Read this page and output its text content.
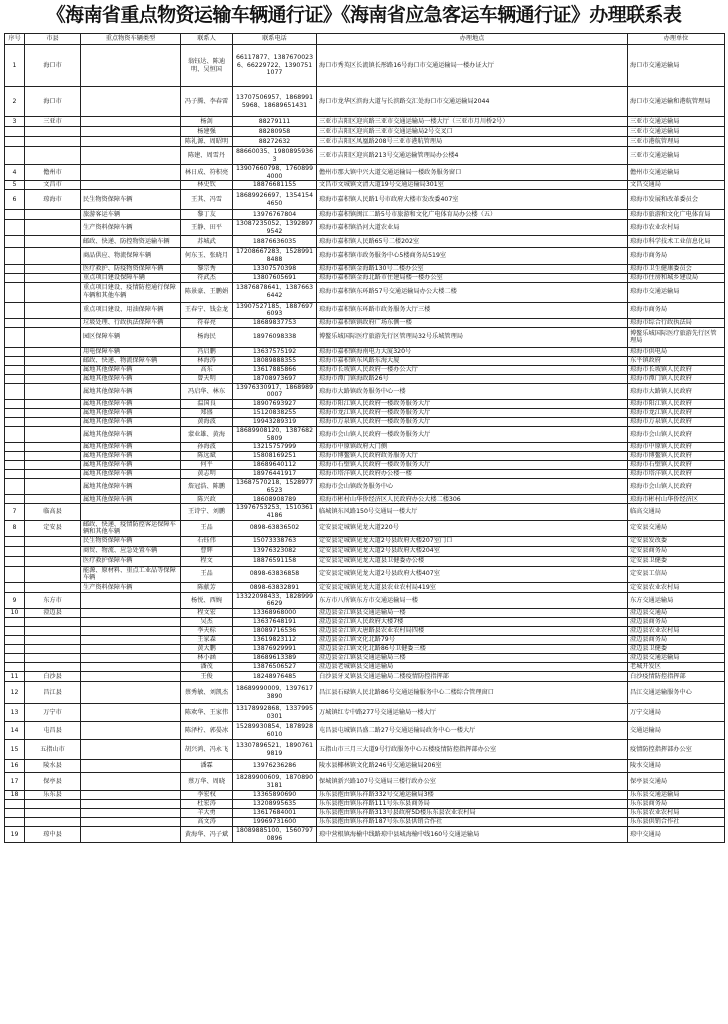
《海南省重点物资运输车辆通行证》《海南省应急客运车辆通行证》办理联系表
序号	市县	重点物资车辆类型	联系人	联系电话	办理地点	办理单位
1	海口市		翁钰达、陈迪明、吴恒国	66117877、13876700236、66229722、13907511077	海口市秀英区长流镇长彤路16号海口市交通运输局一楼办证大厅	海口市交通运输局
2	海口市		冯子腾、李春雷	13707506957、18689915968、18689651431	海口市龙华区滨海大道与长滨路交汇处海口市交通运输局2044	海口市交通运输和港航管理局
3	三亚市		杨剑	88279111	三亚市吉阳区迎宾路三亚市交通运输局一楼大厅（三亚市月川桥2号）	三亚市交通运输局
			杨建强	88280958	三亚市吉阳区迎宾路三亚市交通运输局2号交叉口	三亚市交通运输局
			陈礼源、周昭明	88272632	三亚市吉阳区凤凰路208号三亚市港航管理局	三亚市港航管理局
			陈建、周雪丹	88660035、19808959363	三亚市吉阳区迎宾路213号交通运输管理局办公楼4	三亚市交通运输局
4	儋州市		林日成、符积亮	13907660798、17608994000	儋州市那大镇中兴大道交通运输局一楼政务服务窗口	儋州市交通运输局
5	文昌市		林史钦	18876681155	文昌市文城镇文清大道19号交通运输局301室	文昌交通局
6	琼海市	民生物资保障车辆	王其、冯雪	18689926697、13541544650	琼海市嘉积镇人民路1号市政府大楼市发改委407室	琼海市发展和改革委员会
		旅游客运车辆	黎丁友	13976767804	琼海市嘉积镇闽江二路5号市旅游和文化广电体育局办公楼（五）	琼海市旅游和文化广电体育局
		生产资料保障车辆	王静、田平	13087235052、13928979542	琼海市嘉积镇沿河大道农业局	琼海市农业农村局
		邮政、快递、防控物资运输车辆	苏城武	18876636035	琼海市嘉积镇人民路65号二楼202室	琼海市科学技术工业信息化局
		商品供应、物流保障车辆	何东玉、张晓月	17208667283、15289918488	琼海市嘉积镇市政务服务中心5楼商务局519室	琼海市商务局
		医疗救护、防疫物资保障车辆	黎宗秀	13307570398	琼海市嘉积镇金海路130号二楼办公室	琼海市卫生健康委员会
		重点项目建设保障车辆	符武杰	13807605691	琼海市嘉积镇金海北路市住建局楼一楼办公室	琼海市住房和城乡建设局
		重点项目建设、疫情防控通行保障车辆和其他车辆	陈景豪、王鹏娟	13876878641、13876636442	琼海市嘉积镇东环路57号交通运输局办公大楼二楼	琼海市交通运输局
		重点项目建设、用油保障车辆	王春宁、钱金龙	13907527185、18876976093	琼海市嘉积镇东环路市政务服务大厅三楼	琼海市商务局
		垃圾处理、行政执法保障车辆	符春亮	18689837753	琼海市嘉积镇镇政府广场东侧一楼	琼海市综合行政执法局
		园区保障车辆	杨海民	18976098338	博鳌乐城国际医疗旅游先行区管理局32号乐城管理局	博鳌乐城国际医疗旅游先行区管理局
		用电保障车辆	冯启鹏	13637575192	琼海市嘉积镇海南电力大厦320号	琼海市供电局
		邮政、快递、物流保障车辆	林海涛	18089888355	琼海市嘉积镇东风路东海大厦	东平镇政府
		属地其他保障车辆	高东	13617885866	琼海市长坡镇人民政府一楼办公大厅	琼海市长坡镇人民政府
		属地其他保障车辆	曾天明	18708973697	琼海市潭门镇海政路26号	琼海市潭门镇人民政府
		属地其他保障车辆	冯启华、林东	13976330917、18689890007	琼海市大路镇政务服务中心一楼	琼海市大路镇人民政府
		属地其他保障车辆	温国良	18907693927	琼海市阳江镇人民政府一楼政务服务大厅	琼海市阳江镇人民政府
		属地其他保障车辆	郑盛	15120838255	琼海市龙江镇人民政府一楼政务服务大厅	琼海市龙江镇人民政府
		属地其他保障车辆	黄海波	19943289319	琼海市万泉镇人民政府一楼政务服务大厅	琼海市万泉镇人民政府
		属地其他保障车辆	蒙业雄、黄海	18689908120、13876825809	琼海市会山镇人民政府一楼政务服务大厅	琼海市会山镇人民政府
		属地其他保障车辆	孙海波	13215757999	琼海市中原镇政府大门侧	琼海市中原镇人民政府
		属地其他保障车辆	陈远斌	15808169251	琼海市博鳌镇人民政府政务服务大厅	琼海市博鳌镇人民政府
		属地其他保障车辆	何平	18689640112	琼海市石壁镇人民政府一楼政务服务大厅	琼海市石壁镇人民政府
		属地其他保障车辆	黄志明	18976441917	琼海市塔洋镇人民政府办公楼一楼	琼海市塔洋镇人民政府
		属地其他保障车辆	詹冠浩、陈鹏	13687570218、15289776523	琼海市会山镇政务服务中心	琼海市会山镇人民政府
		属地其他保障车辆	陈兴政	18608908789	琼海市彬村山华侨经济区人民政府办公大楼二楼306	琼海市彬村山华侨经济区
7	临高县		王诗宁、刘鹏	13976753253、15103614186	临城镇东风路150号交通局一楼大厅	临高交通局
8	定安县	邮政、快递、疫情防控客运保障车辆和其他车辆	王品	0898-63836502	定安县定城镇见龙大道220号	定安县交通局
		民生物资保障车辆	石钰伟	15073338763	定安县定城镇见龙大道2号县政府大楼207室门口	定安县发改委
		商贸、物流、应急处置车辆	曹辉	13976323082	定安县定城镇见龙大道2号县政府大楼204室	定安县商务局
		医疗救护保障车辆	程文	18876591158	定安县定城镇见龙大道县卫健委办公楼	定安县卫健委
		能源、原材料、重点工业品等保障车辆	王品	0898-63836858	定安县定城镇见龙大道2号县政府大楼407室	定安县工信局
		生产资料保障车辆	陈献芳	0898-63832891	定安县定城镇见龙大道县农业农村局419室	定安县农业农村局
9	东方市		杨悦、西婉	13322098433、18289996629	东方市八所镇东方市交通运输局一楼	东方交通运输局
10	澄迈县		程文宏	13368968000	澄迈县金江镇县交通运输局一楼	澄迈县交通局
			吴杰	13637648191	澄迈县金江镇人民政府大楼7楼	澄迈县商务局
			李天标	18089716536	澄迈县金江镇大唐路县农业农村局四楼	澄迈县农业农村局
			王家森	13619823112	澄迈县金江镇文化北路79号	澄迈县商务局
			黄大鹏	13876929991	澄迈县金江镇文化北路86号卫健委三楼	澄迈县卫健委
			林小涵	18689613389	澄迈县金江镇县交通运输局三楼	澄迈县交通运输局
			潘茂	13876506527	澄迈县老城镇县交通运输局	老城开发区
11	白沙县		王俊	18248976485	白沙县牙叉镇县交通运输局二楼疫情防控指挥部	白沙疫情防控指挥部
12	昌江县		蔡秀敏、刘凯杰	18689990009、13976173890	昌江县石碌镇人民北路86号交通运输服务中心二楼综合管理窗口	昌江交通运输服务中心
13	万宁市		陈欢华、王家伟	13178992868、13379950301	万城镇红专中路277号交通运输局一楼大厅	万宁交通局
14	屯昌县		陈泽柠、郭晏冰	15289930854、18789286010	屯昌县屯城镇昌盛二路27号交通运输局政务中心一楼大厅	交通运输局
15	五指山市		胡兴鸿、冯永飞	13307896521、18907619819	五指山市三月三大道9号行政服务中心五楼疫情防控指挥部办公室	疫情防控指挥部办公室
16	陵水县		潘霖	13976236286	陵水县椰林镇文化路246号交通运输局206室	陵水交通局
17	保亭县		蔡万华、周晓	18289900609、18708903181	保城镇新兴路107号交通局三楼行政办公室	保亭县交通局
18	乐东县		李宏权	13365890690	乐东县抱由镇乐祥路332号交通运输局3楼	乐东县交通运输局
			杜宏涛	13208995635	乐东县抱由镇乐祥路111号乐东县商务局	乐东县商务局
			羊大勇	13617684001	乐东县抱由镇乐祥路313号县政府5D楼乐东县农业农村局	乐东县农业农村局
			高文涛	19969731600	乐东县抱由镇乐祥路187号乐东县供销合作社	乐东县供销合作社
19	琼中县		黄海华、冯子斌	18089885100、15607970896	琼中营根镇海榆中线路琼中县城海榆中线160号交通运输局	琼中交通局
